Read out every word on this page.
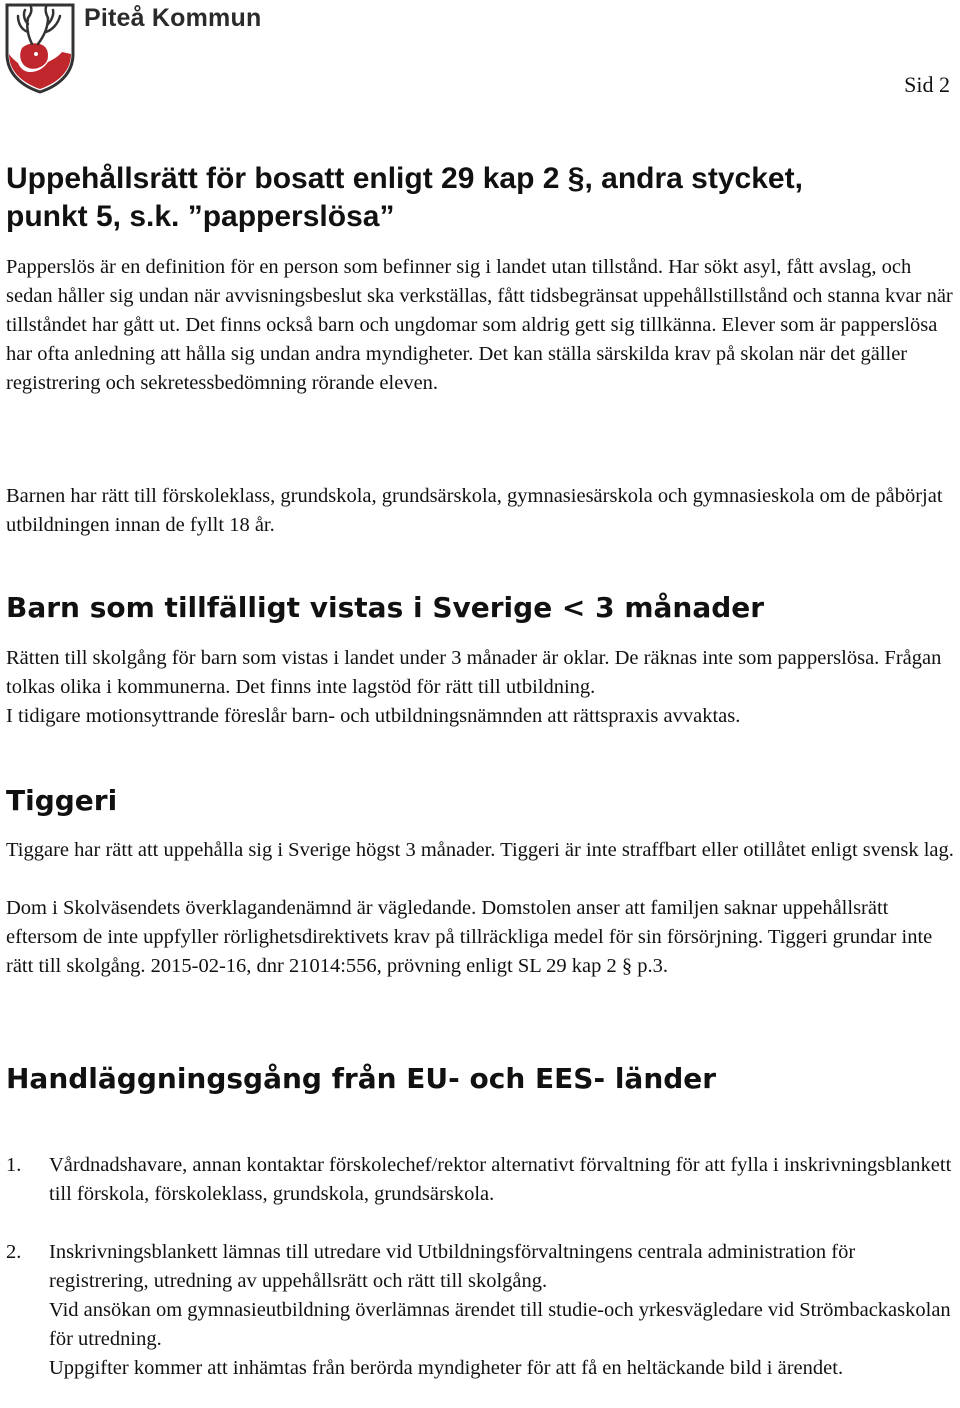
Piteå Kommun
Sid 2
Uppehållsrätt för bosatt enligt 29 kap 2 §, andra stycket,
punkt 5, s.k. ”papperslösa”

Papperslös är en definition för en person som befinner sig i landet utan tillstånd. Har sökt asyl, fått avslag, och sedan håller sig undan när avvisningsbeslut ska verkställas, fått tidsbegränsat uppehållstillstånd och stanna kvar när tillståndet har gått ut. Det finns också barn och ungdomar som aldrig gett sig tillkänna. Elever som är papperslösa har ofta anledning att hålla sig undan andra myndigheter. Det kan ställa särskilda krav på skolan när det gäller registrering och sekretessbedömning rörande eleven.

Barnen har rätt till förskoleklass, grundskola, grundsärskola, gymnasiesärskola och gymnasieskola om de påbörjat utbildningen innan de fyllt 18 år.

Barn som tillfälligt vistas i Sverige < 3 månader

Rätten till skolgång för barn som vistas i landet under 3 månader är oklar. De räknas inte som papperslösa. Frågan tolkas olika i kommunerna. Det finns inte lagstöd för rätt till utbildning.

I tidigare motionsyttrande föreslår barn- och utbildningsnämnden att rättspraxis avvaktas.

Tiggeri

Tiggare har rätt att uppehålla sig i Sverige högst 3 månader. Tiggeri är inte straffbart eller otillåtet enligt svensk lag.

Dom i Skolväsendets överklagandenämnd är vägledande. Domstolen anser att familjen saknar uppehållsrätt eftersom de inte uppfyller rörlighetsdirektivets krav på tillräckliga medel för sin försörjning. Tiggeri grundar inte rätt till skolgång. 2015-02-16, dnr 21014:556, prövning enligt SL 29 kap 2 § p.3.

Handläggningsgång från EU- och EES- länder
1. Vårdnadshavare, annan kontaktar förskolechef/rektor alternativt förvaltning för att fylla i inskrivningsblankett till förskola, förskoleklass, grundskola, grundsärskola.

2. Inskrivningsblankett lämnas till utredare vid Utbildningsförvaltningens centrala administration för registrering, utredning av uppehållsrätt och rätt till skolgång.

Vid ansökan om gymnasieutbildning överlämnas ärendet till studie-och yrkesvägledare vid Strömbackaskolan för utredning.

Uppgifter kommer att inhämtas från berörda myndigheter för att få en heltäckande bild i ärendet.
